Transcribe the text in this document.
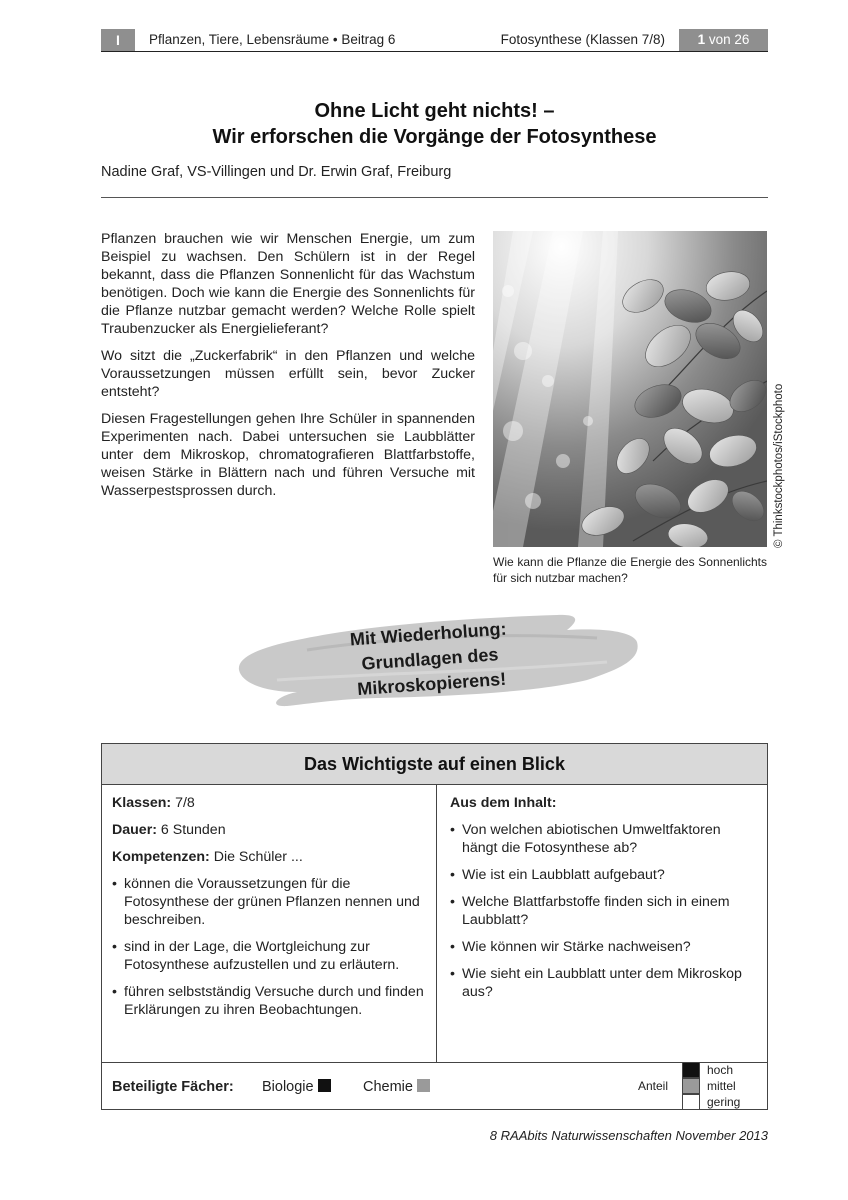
I	Pflanzen, Tiere, Lebensräume • Beitrag 6	Fotosynthese (Klassen 7/8)	1 von 26
Ohne Licht geht nichts! –
Wir erforschen die Vorgänge der Fotosynthese
Nadine Graf, VS-Villingen und Dr. Erwin Graf, Freiburg

Pflanzen brauchen wie wir Menschen Energie, um zum Beispiel zu wachsen. Den Schülern ist in der Regel bekannt, dass die Pflanzen Sonnenlicht für das Wachstum benötigen. Doch wie kann die Energie des Sonnenlichts für die Pflanze nutzbar gemacht werden? Welche Rolle spielt Traubenzucker als Energielieferant?

Wo sitzt die „Zuckerfabrik“ in den Pflanzen und welche Voraussetzungen müssen erfüllt sein, bevor Zucker entsteht?

Diesen Fragestellungen gehen Ihre Schüler in spannenden Experimenten nach. Dabei untersuchen sie Laubblätter unter dem Mikroskop, chromatografieren Blattfarbstoffe, weisen Stärke in Blättern nach und führen Versuche mit Wasserpestsprossen durch.	© Thinkstockphotos/iStockphoto
Wie kann die Pflanze die Energie des Sonnenlichts für sich nutzbar machen?
Mit Wiederholung:
Grundlagen des
Mikroskopierens!
Das Wichtigste auf einen Blick
Klassen: 7/8
Dauer: 6 Stunden
Kompetenzen: Die Schüler ...
• können die Voraussetzungen für die Fotosynthese der grünen Pflanzen nennen und beschreiben.
• sind in der Lage, die Wortgleichung zur Fotosynthese aufzustellen und zu erläutern.
• führen selbstständig Versuche durch und finden Erklärungen zu ihren Beobachtungen.
Aus dem Inhalt:
• Von welchen abiotischen Umweltfaktoren hängt die Fotosynthese ab?
• Wie ist ein Laubblatt aufgebaut?
• Welche Blattfarbstoffe finden sich in einem Laubblatt?
• Wie können wir Stärke nachweisen?
• Wie sieht ein Laubblatt unter dem Mikroskop aus?
Beteiligte Fächer: Biologie	Chemie	Anteil
hoch
mittel
gering
8 RAAbits Naturwissenschaften November 2013
